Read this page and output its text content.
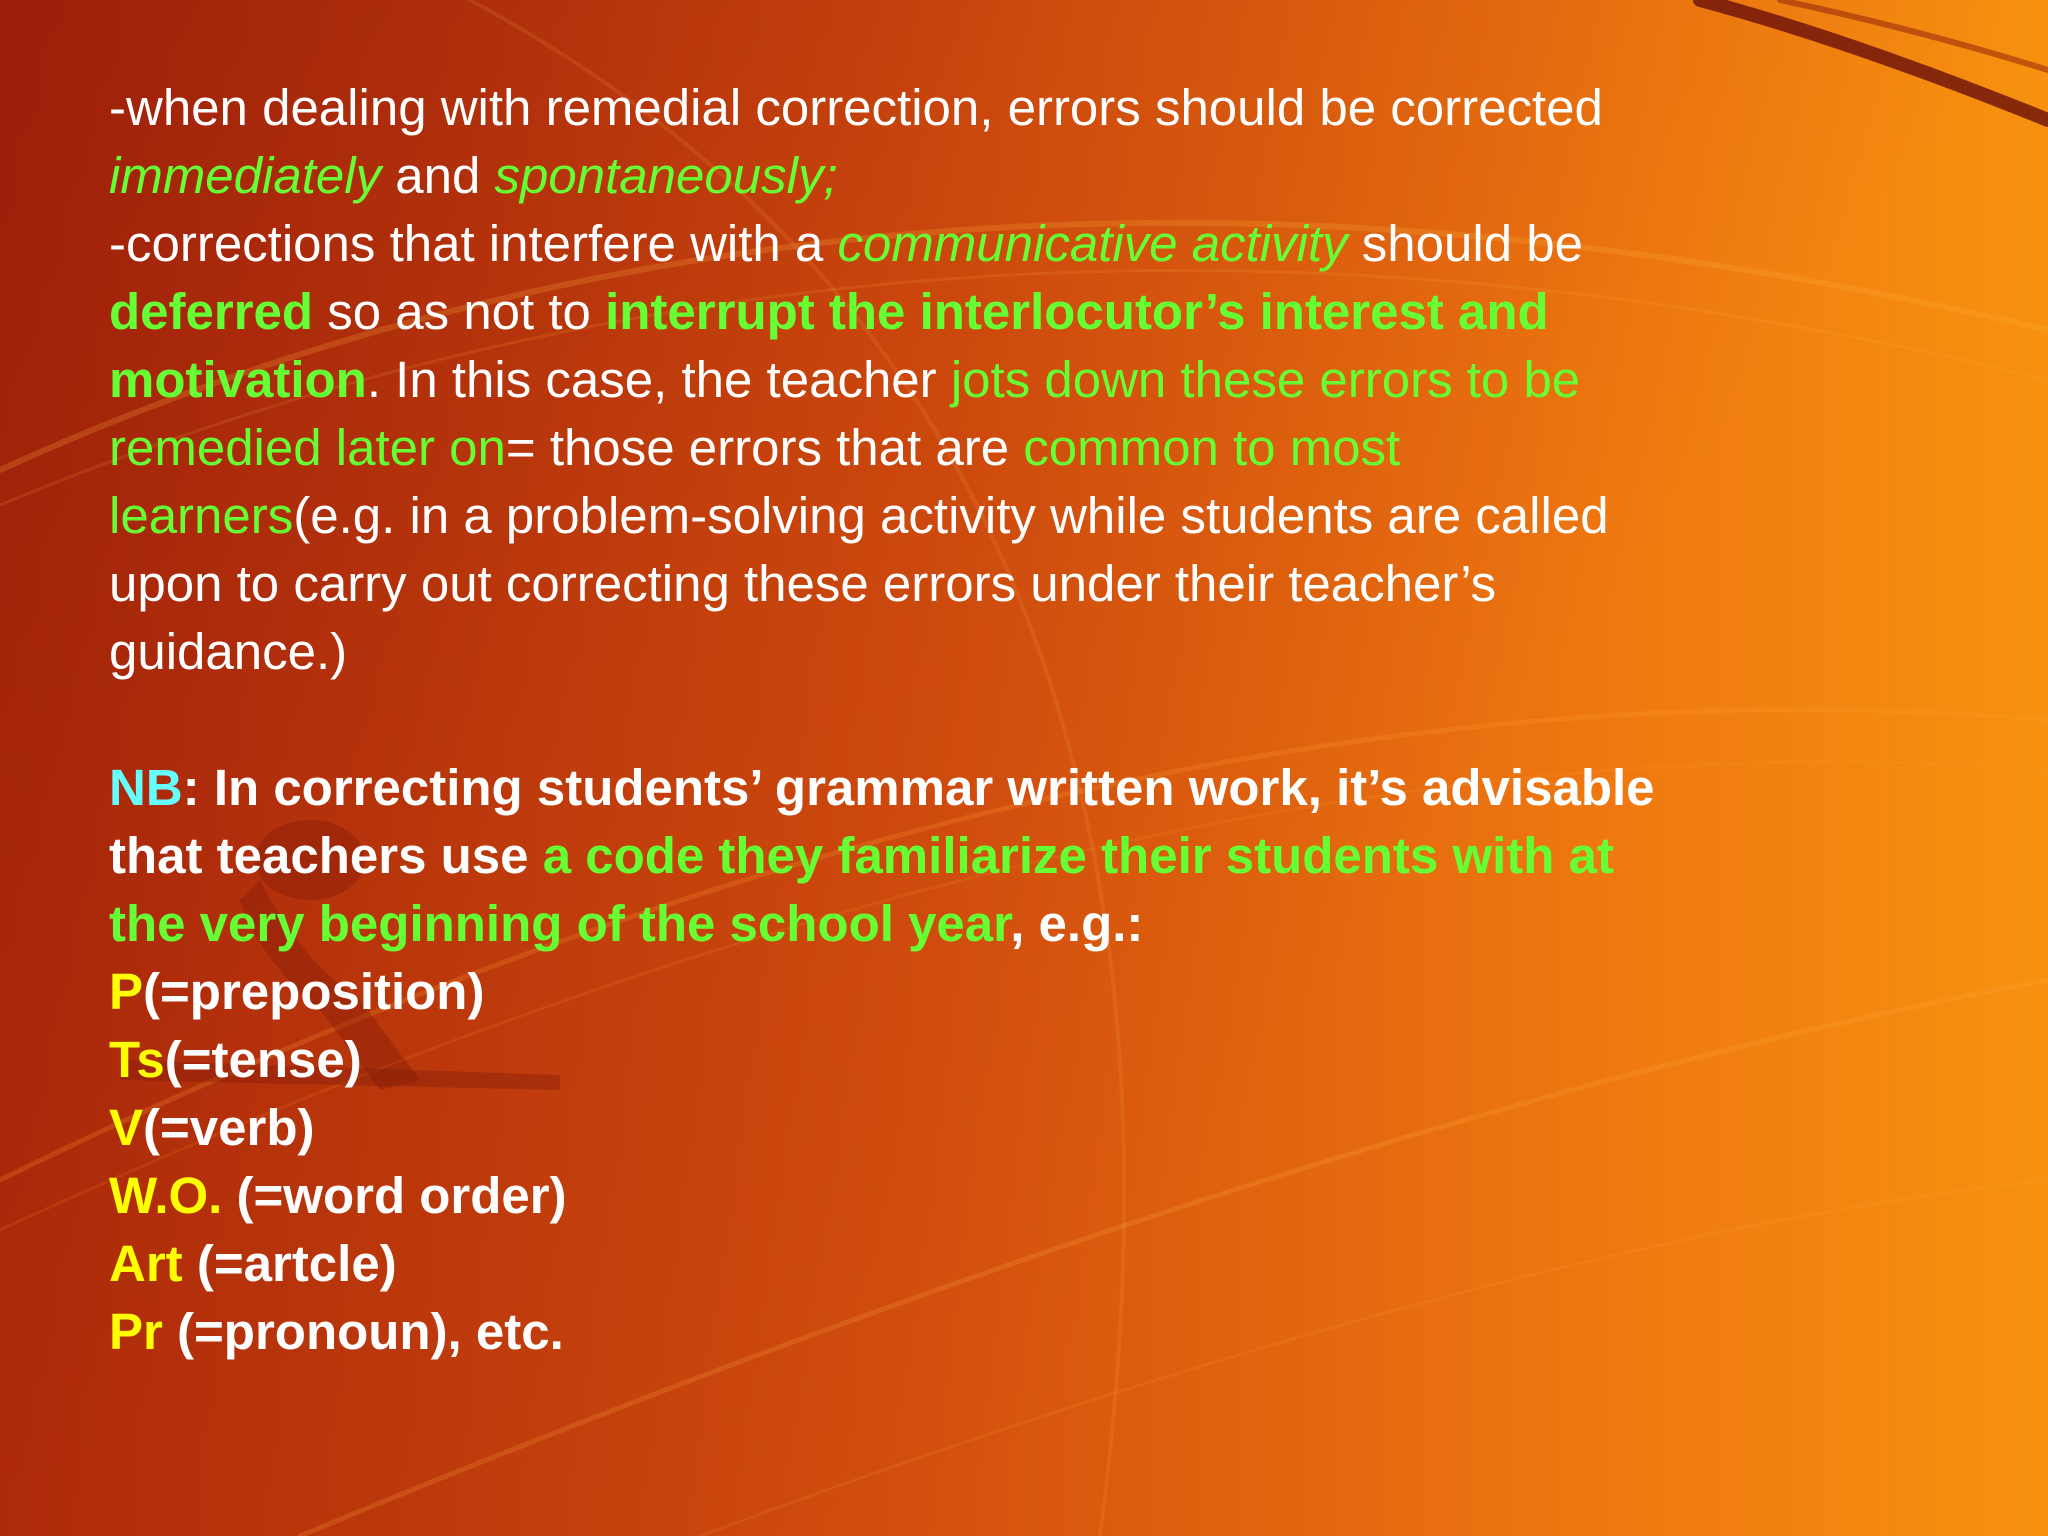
-when dealing with remedial correction, errors should be corrected
immediately and spontaneously;
-corrections that interfere with a communicative activity should be
deferred so as not to interrupt the interlocutor’s interest and
motivation. In this case, the teacher jots down these errors to be
remedied later on= those errors that are common to most
learners(e.g. in a problem-solving activity while students are called
upon to carry out correcting these errors under their teacher’s
guidance.)
NB: In correcting students’ grammar written work, it’s advisable
that teachers use a code they familiarize their students with at
the very beginning of the school year, e.g.:
P(=preposition)
Ts(=tense)
V(=verb)
W.O. (=word order)
Art (=artcle)
Pr (=pronoun), etc.
